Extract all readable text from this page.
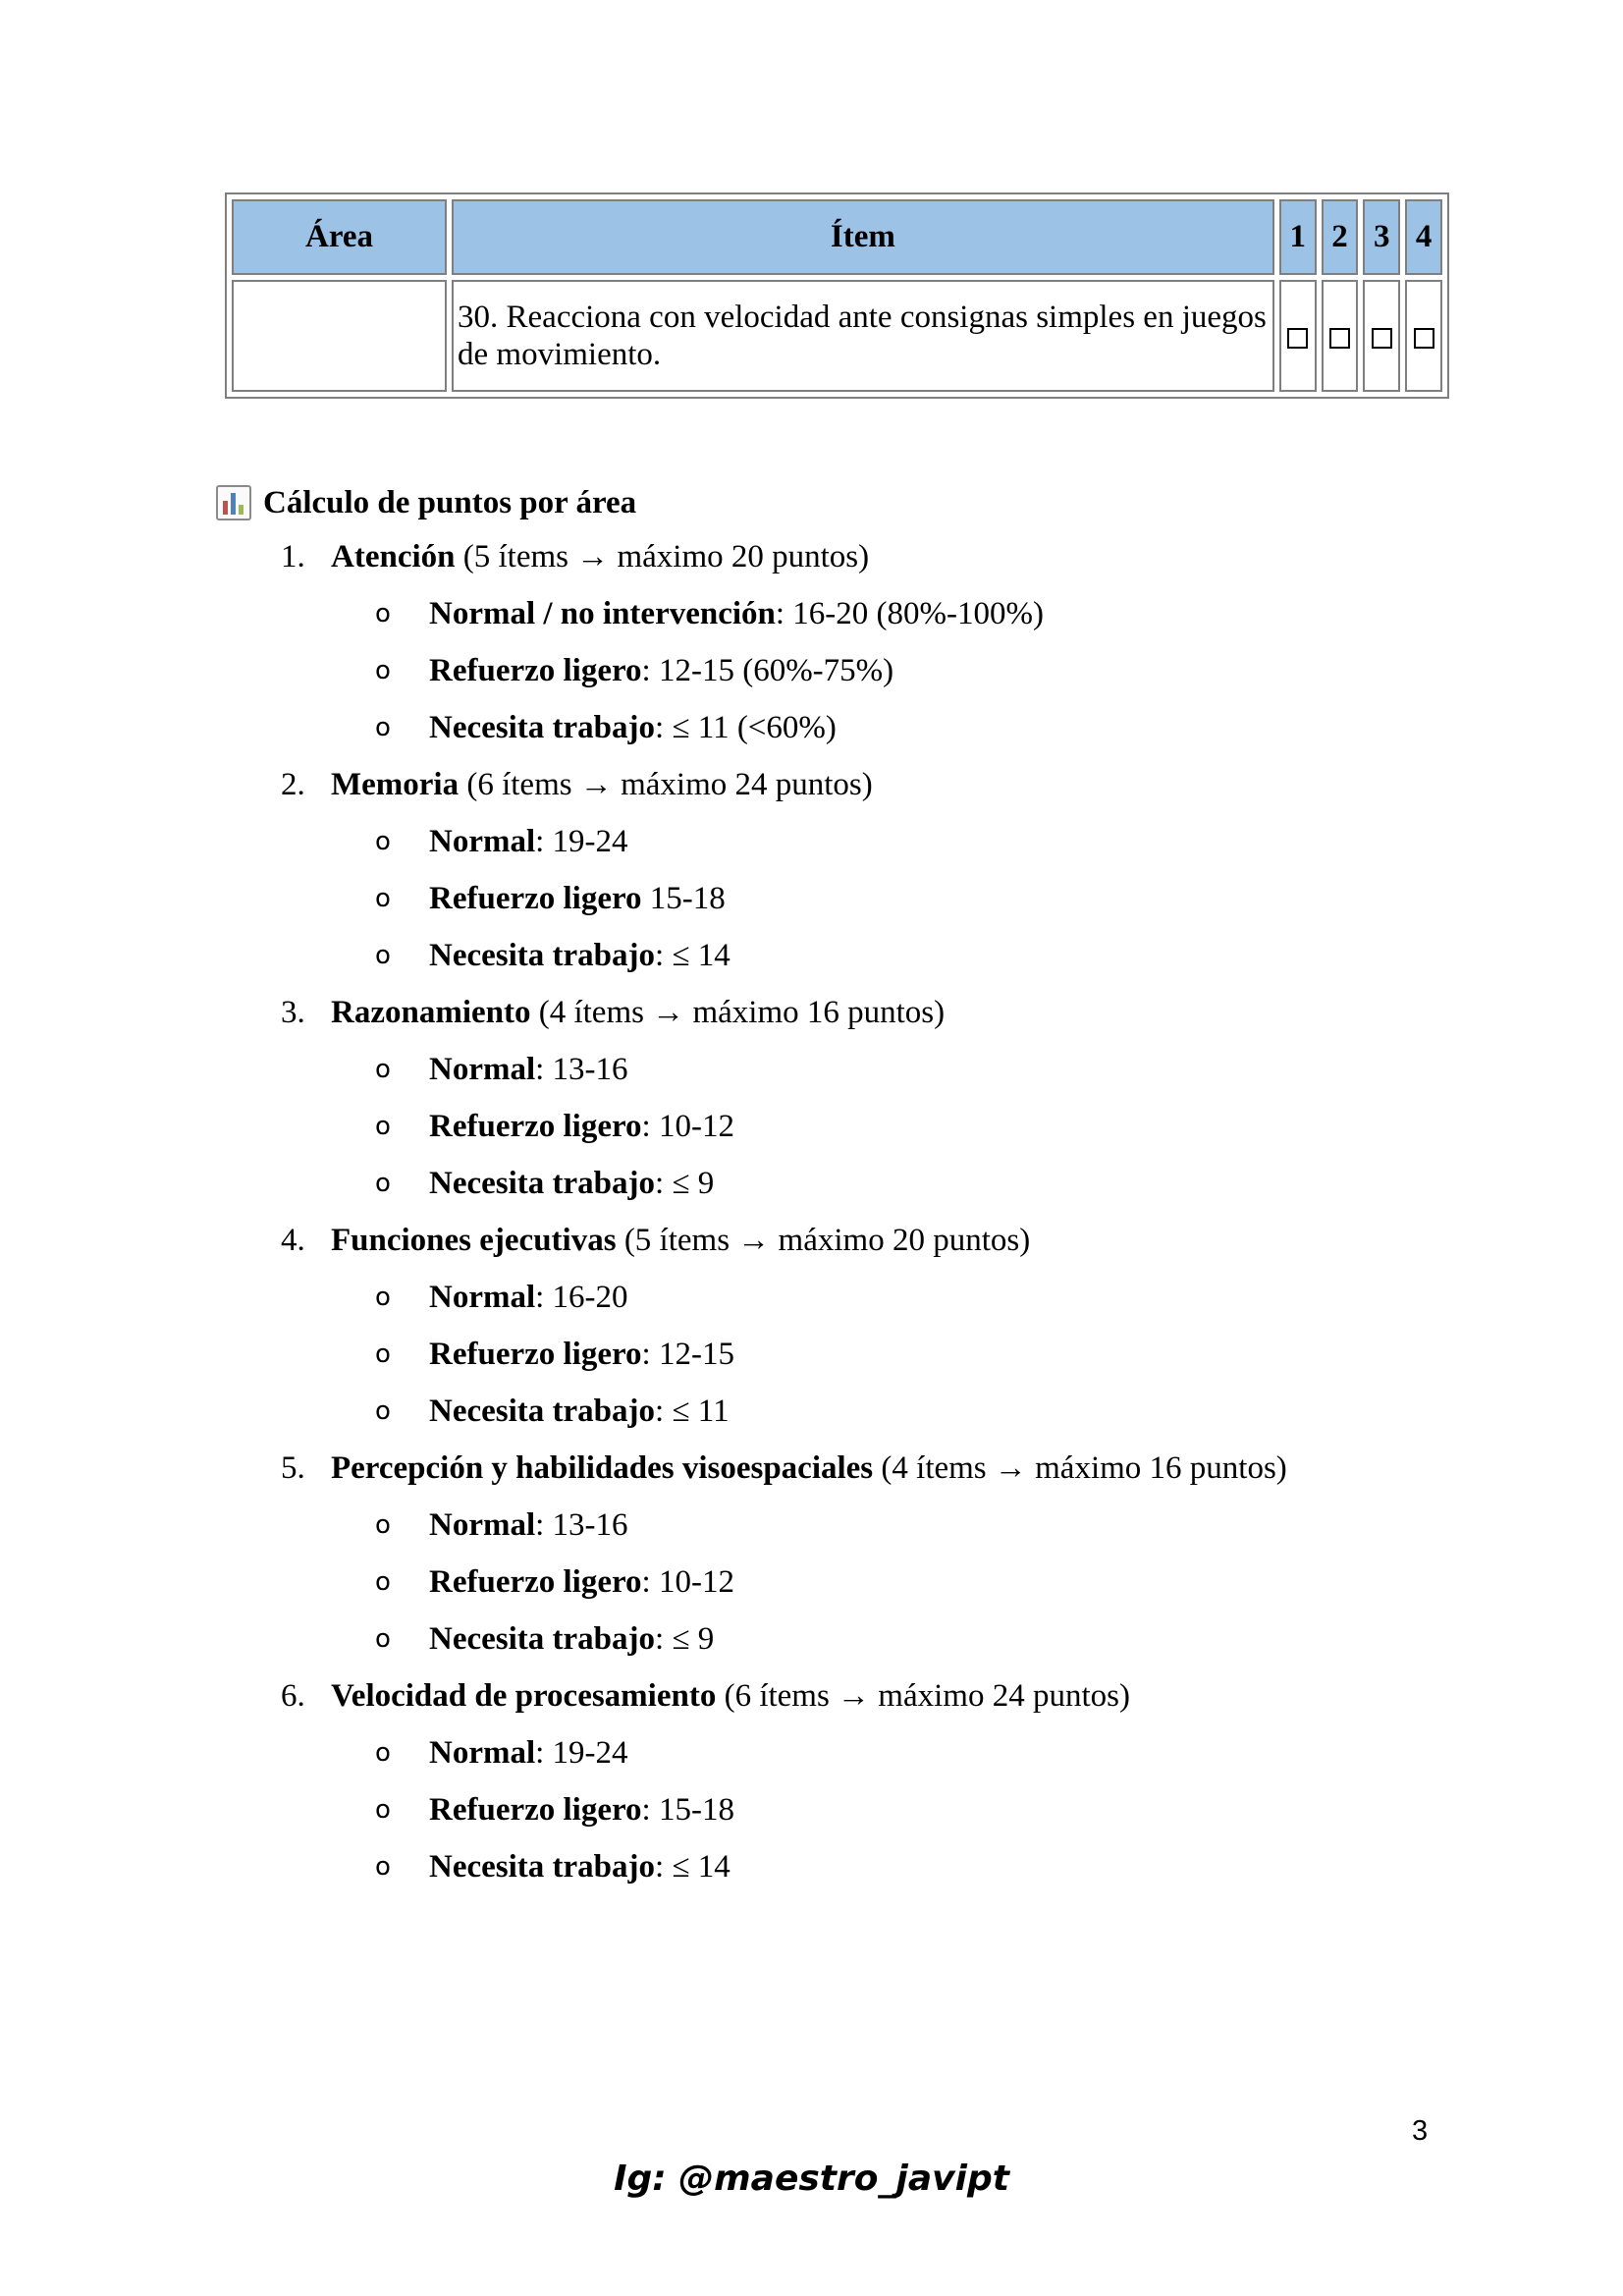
Área	Ítem	1	2	3	4

	30. Reacciona con velocidad ante consignas simples en juegos de movimiento.				

Cálculo de puntos por área
1. Atención (5 ítems → máximo 20 puntos)
o Normal / no intervención: 16-20 (80%-100%)
o Refuerzo ligero: 12-15 (60%-75%)
o Necesita trabajo: ≤ 11 (<60%)
2. Memoria (6 ítems → máximo 24 puntos)
o Normal: 19-24
o Refuerzo ligero 15-18
o Necesita trabajo: ≤ 14
3. Razonamiento (4 ítems → máximo 16 puntos)
o Normal: 13-16
o Refuerzo ligero: 10-12
o Necesita trabajo: ≤ 9
4. Funciones ejecutivas (5 ítems → máximo 20 puntos)
o Normal: 16-20
o Refuerzo ligero: 12-15
o Necesita trabajo: ≤ 11
5. Percepción y habilidades visoespaciales (4 ítems → máximo 16 puntos)
o Normal: 13-16
o Refuerzo ligero: 10-12
o Necesita trabajo: ≤ 9
6. Velocidad de procesamiento (6 ítems → máximo 24 puntos)
o Normal: 19-24
o Refuerzo ligero: 15-18
o Necesita trabajo: ≤ 14
3
Ig: @maestro_javipt
